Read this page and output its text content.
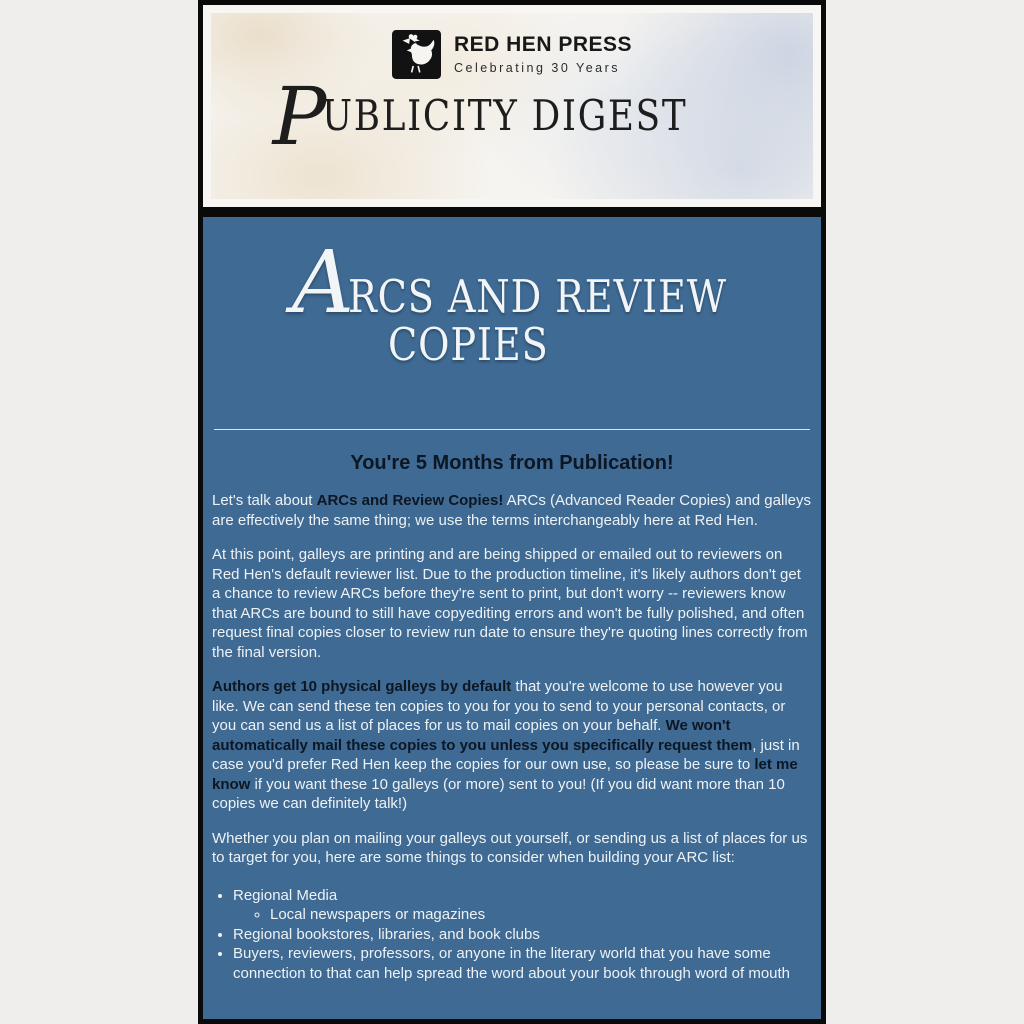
RED HEN PRESS
Celebrating 30 Years
PUBLICITY DIGEST
A
RCS AND REVIEW
COPIES
You're 5 Months from Publication!

Let's talk about ARCs and Review Copies! ARCs (Advanced Reader Copies) and galleys are effectively the same thing; we use the terms interchangeably here at Red Hen.

At this point, galleys are printing and are being shipped or emailed out to reviewers on Red Hen's default reviewer list. Due to the production timeline, it's likely authors don't get a chance to review ARCs before they're sent to print, but don't worry -- reviewers know that ARCs are bound to still have copyediting errors and won't be fully polished, and often request final copies closer to review run date to ensure they're quoting lines correctly from the final version.

Authors get 10 physical galleys by default that you're welcome to use however you like. We can send these ten copies to you for you to send to your personal contacts, or you can send us a list of places for us to mail copies on your behalf. We won't automatically mail these copies to you unless you specifically request them, just in case you'd prefer Red Hen keep the copies for our own use, so please be sure to let me know if you want these 10 galleys (or more) sent to you! (If you did want more than 10 copies we can definitely talk!)

Whether you plan on mailing your galleys out yourself, or sending us a list of places for us to target for you, here are some things to consider when building your ARC list:

• Regional Media
◦ Local newspapers or magazines
• Regional bookstores, libraries, and book clubs
• Buyers, reviewers, professors, or anyone in the literary world that you have some connection to that can help spread the word about your book through word of mouth
